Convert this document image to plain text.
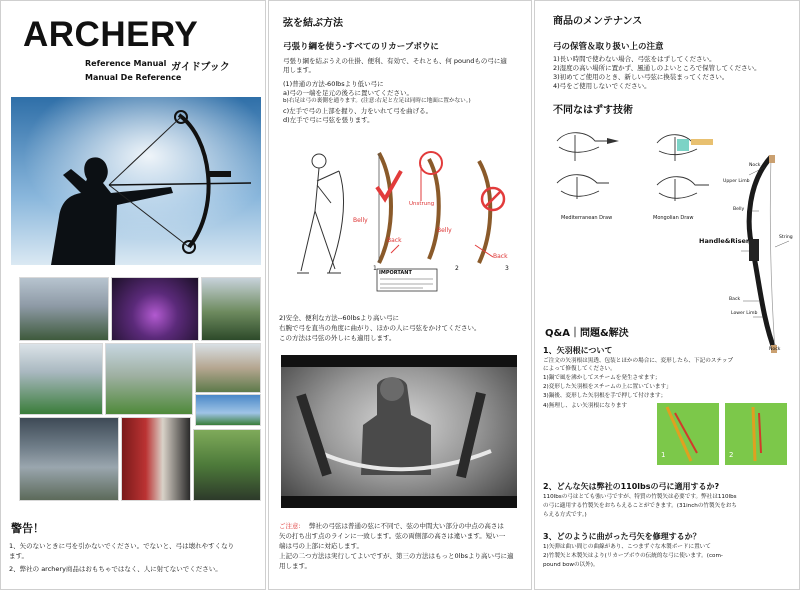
ARCHERY
Reference Manual ガイドブック
Manual De Reference
警告！
1、矢のないときに弓を引かないでください。でないと、弓は壊れやすくなり
ます。
2、弊社の archery商品はおもちゃではなく、人に射てないでください。
弦を結ぶ方法
弓張り綱を使う-すべてのリカーブボウに
弓張り綱を結ぶうえの仕掛、便利、有効で、それとも、何 poundもの弓に適
用します。
(1)普通の方法-60lbsより低い弓に
a)弓の一端を足元の後ろに置いてください。
b)右足は弓の裏側を通ります。(注意:右足と左足は同時に地面に置かない。)
c)左手で弓の上部を握り、力をいれて弓を曲げる。
d)左手で弓に弓弦を張ります。
Belly
Back
Unstrung
Belly
Back
IMPORTANT
1	2	3
2)安全、便利な方法--60lbsより高い弓に
右腕で弓を直当の角度に曲がり、ほかの人に弓弦をかけてください。
この方法は弓弦の外しにも適用します。
ご注意: 弊社の弓弦は普通の弦に不同で、弦の中間大い部分の中点の高さは
矢の打ち出す点のラインに一致します。弦の両側部の高さは違います。短い一
端は弓の上部に対応します。
上記の二つ方法は実行してよいですが、第三の方法はもっと0lbsより高い弓に適
用します。
商品のメンテナンス
弓の保管＆取り扱い上の注意
1)長い時間で使わない場合、弓弦をはずしてください。
2)湿度の高い場所に置かず、風通しのよいところで保管してください。
3)初めてご使用のとき、新しい弓弦に換装まってください。
4)弓をご使用しないでください。
不同なはずす技術
Mediterranean Draw	Mongolian Draw
Nock
Upper Limb
Belly
Handle&Riser	String
Back
Lower Limb
Nock
Q&A｜問題&解決
1、矢羽根について
ご注文の矢羽根は黒透、包装とほかの場合に、変形したら、下記のステップ
によって修復してください。
1)鍋で風を沸かしてスチームを発生させます；
2)変形した矢羽根をスチームの上に置いています」
3)鍋後、変形した矢羽根を手で押して付けます；
4)無理し、よい矢羽根になります
1	2
2、どんな矢は弊社の110lbsの弓に適用するか?
110lbsの弓はとても強い弓ですが、特質の竹製矢は必要です。弊社は110lbs
の弓に適用する竹製矢をおちらえることができます。(31inchの竹製矢をおち
らえる方式です。)
3、どのように曲がった弓矢を修理するか？
1)矢弾は曲い間じの曲線があり、こつまずぐな木製ボードに置いて
2)竹製矢と木製矢はより(リカーブボウの伝統的な弓に使います。(com-
pound bowの以外)。
